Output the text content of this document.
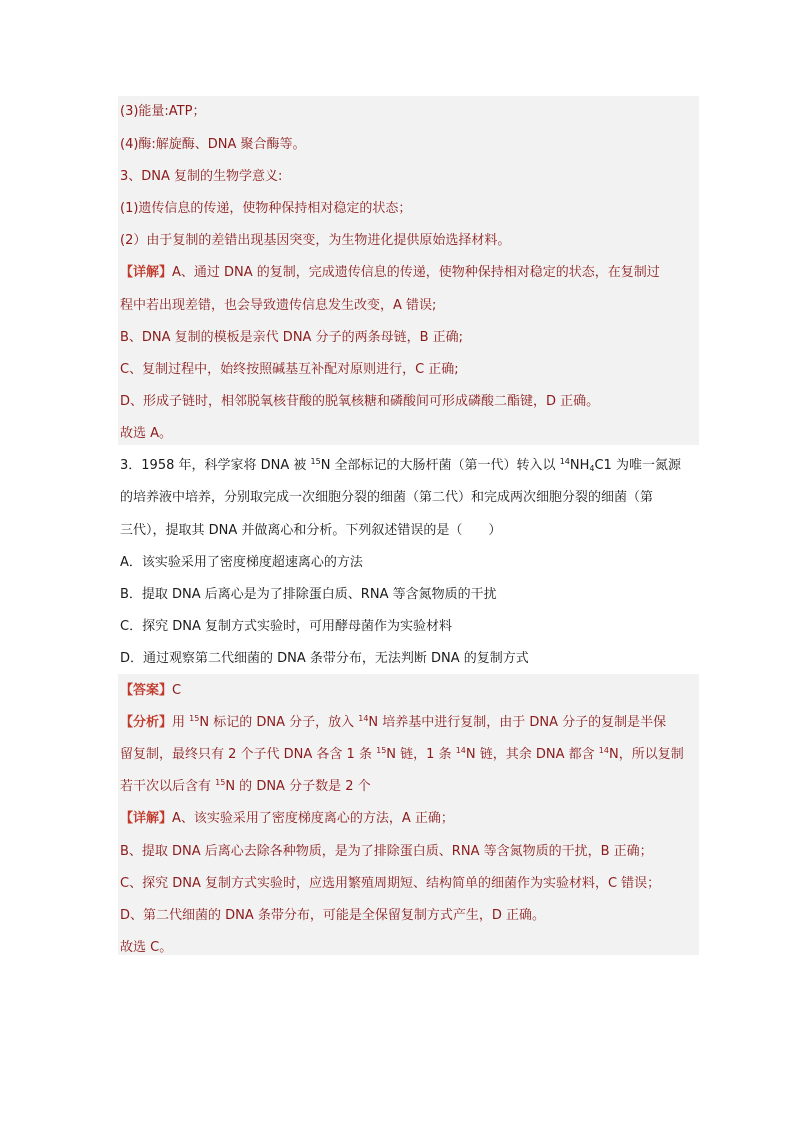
(3)能量:ATP；
(4)酶:解旋酶、DNA 聚合酶等。
3、DNA 复制的生物学意义:
(1)遗传信息的传递，使物种保持相对稳定的状态；
(2）由于复制的差错出现基因突变，为生物进化提供原始选择材料。
【详解】A、通过 DNA 的复制，完成遗传信息的传递，使物种保持相对稳定的状态，在复制过
程中若出现差错，也会导致遗传信息发生改变，A 错误;
B、DNA 复制的模板是亲代 DNA 分子的两条母链，B 正确;
C、复制过程中，始终按照碱基互补配对原则进行，C 正确;
D、形成子链时，相邻脱氧核苷酸的脱氧核糖和磷酸间可形成磷酸二酯键，D 正确。
故选 A。
3．1958 年，科学家将 DNA 被 $^{15}$N 全部标记的大肠杆菌（第一代）转入以 $^{14}NH_4C1$ 为唯一氮源
的培养液中培养，分别取完成一次细胞分裂的细菌（第二代）和完成两次细胞分裂的细菌（第
三代），提取其 DNA 并做离心和分析。下列叙述错误的是（　　）
A．该实验采用了密度梯度超速离心的方法
B．提取 DNA 后离心是为了排除蛋白质、RNA 等含氮物质的干扰
C．探究 DNA 复制方式实验时，可用酵母菌作为实验材料
D．通过观察第二代细菌的 DNA 条带分布，无法判断 DNA 的复制方式
【答案】C
【分析】用 $^{15}$N 标记的 DNA 分子，放入 $^{14}$N 培养基中进行复制，由于 DNA 分子的复制是半保
留复制，最终只有 2 个子代 DNA 各含 1 条 $^{15}$N 链，1 条 $^{14}$N 链，其余 DNA 都含 $^{14}$N，所以复制
若干次以后含有 $^{15}$N 的 DNA 分子数是 2 个
【详解】A、该实验采用了密度梯度离心的方法，A 正确；
B、提取 DNA 后离心去除各种物质，是为了排除蛋白质、RNA 等含氮物质的干扰，B 正确；
C、探究 DNA 复制方式实验时，应选用繁殖周期短、结构简单的细菌作为实验材料，C 错误；
D、第二代细菌的 DNA 条带分布，可能是全保留复制方式产生，D 正确。
故选 C。
